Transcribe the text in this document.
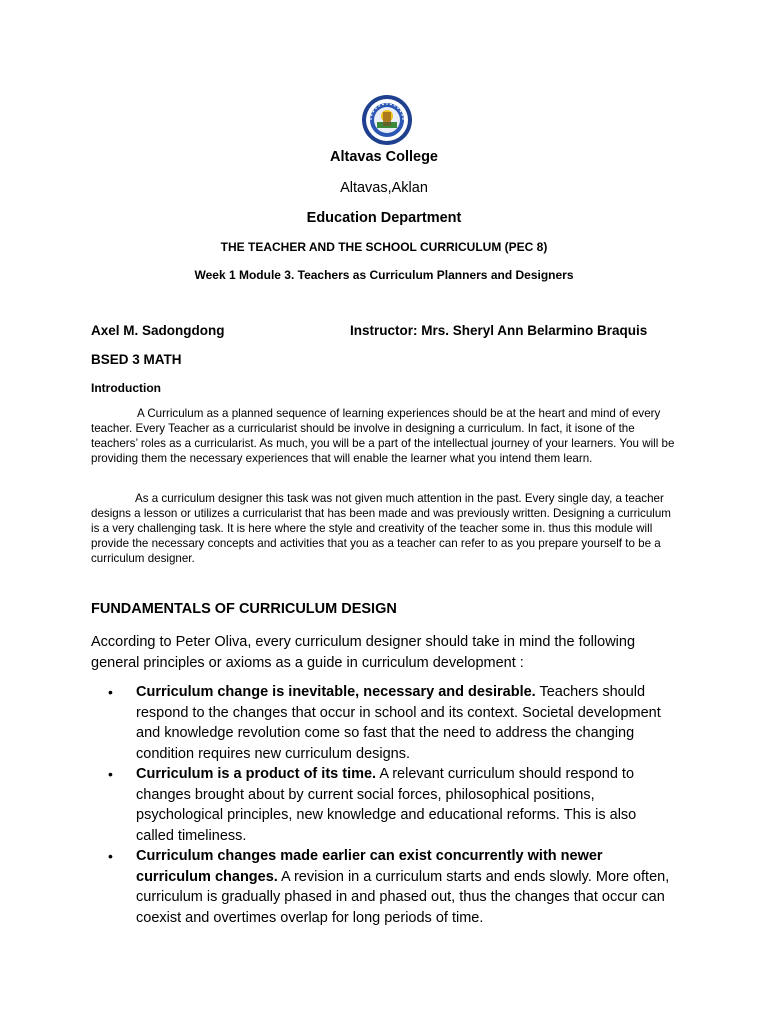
Altavas College
Altavas,Aklan
Education Department
THE TEACHER AND THE SCHOOL CURRICULUM (PEC 8)
Week 1 Module 3. Teachers as Curriculum Planners and Designers
Axel M. Sadongdong	Instructor: Mrs. Sheryl Ann Belarmino Braquis
BSED 3 MATH
Introduction
A Curriculum as a planned sequence of learning experiences should be at the heart and mind of every teacher. Every Teacher as a curricularist should be involve in designing a curriculum. In fact, it isone of the teachers’ roles as a curricularist. As much, you will be a part of the intellectual journey of your learners. You will be providing them the necessary experiences that will enable the learner what you intend them learn.
As a curriculum designer this task was not given much attention in the past. Every single day, a teacher designs a lesson or utilizes a curricularist that has been made and was previously written. Designing a curriculum is a very challenging task. It is here where the style and creativity of the teacher some in. thus this module will provide the necessary concepts and activities that you as a teacher can refer to as you prepare yourself to be a curriculum designer.
FUNDAMENTALS OF CURRICULUM DESIGN
According to Peter Oliva, every curriculum designer should take in mind the following general principles or axioms as a guide in curriculum development :
• Curriculum change is inevitable, necessary and desirable. Teachers should respond to the changes that occur in school and its context. Societal development and knowledge revolution come so fast that the need to address the changing condition requires new curriculum designs.
• Curriculum is a product of its time. A relevant curriculum should respond to changes brought about by current social forces, philosophical positions, psychological principles, new knowledge and educational reforms. This is also called timeliness.
• Curriculum changes made earlier can exist concurrently with newer curriculum changes. A revision in a curriculum starts and ends slowly. More often, curriculum is gradually phased in and phased out, thus the changes that occur can coexist and overtimes overlap for long periods of time.
